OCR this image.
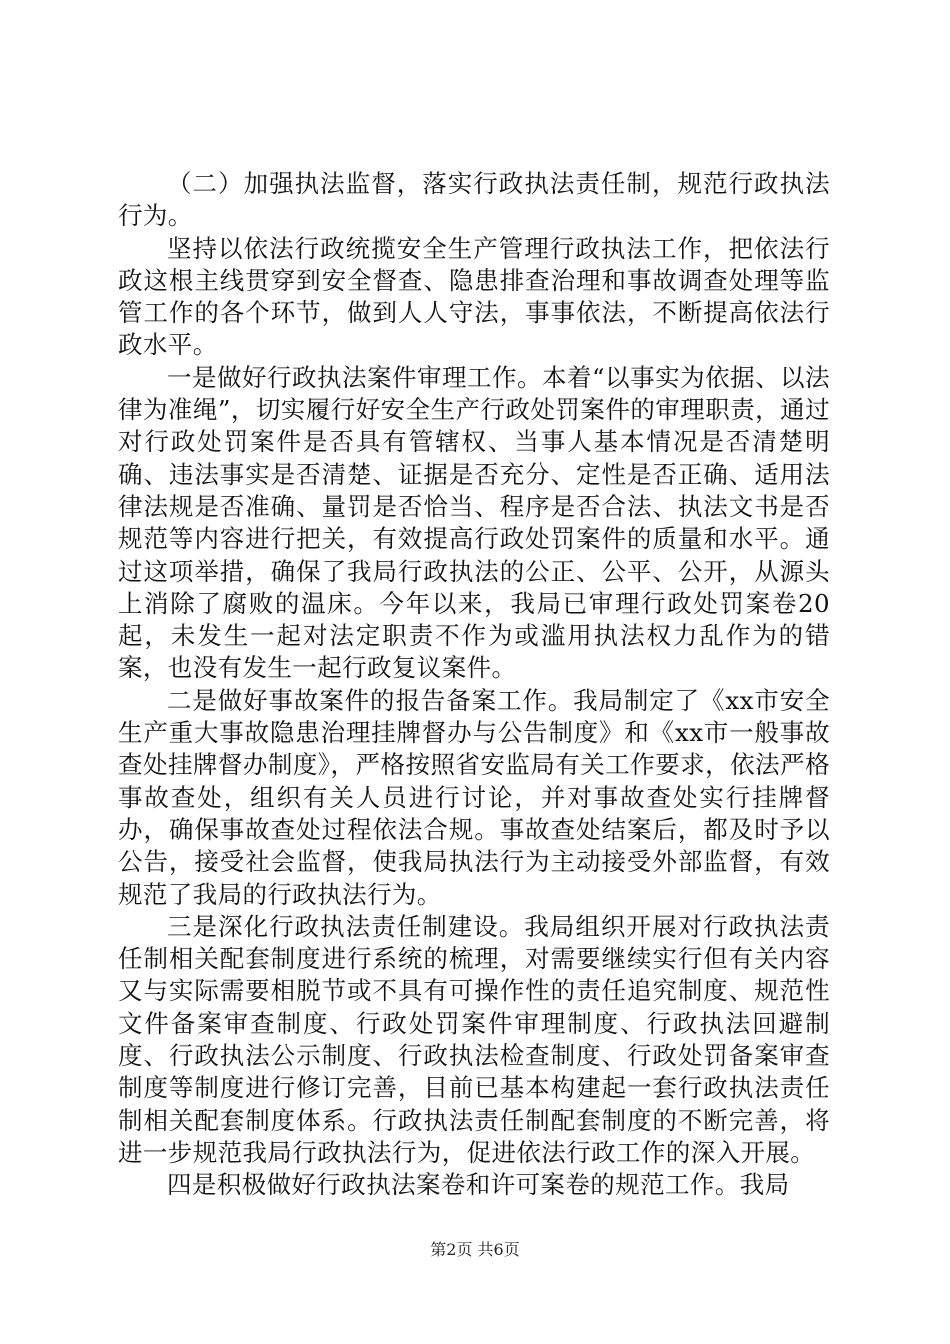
（二）加强执法监督，落实行政执法责任制，规范行政执法行为。

坚持以依法行政统揽安全生产管理行政执法工作，把依法行政这根主线贯穿到安全督查、隐患排查治理和事故调查处理等监管工作的各个环节，做到人人守法，事事依法，不断提高依法行政水平。

一是做好行政执法案件审理工作。本着“以事实为依据、以法律为准绳”，切实履行好安全生产行政处罚案件的审理职责，通过对行政处罚案件是否具有管辖权、当事人基本情况是否清楚明确、违法事实是否清楚、证据是否充分、定性是否正确、适用法律法规是否准确、量罚是否恰当、程序是否合法、执法文书是否规范等内容进行把关，有效提高行政处罚案件的质量和水平。通过这项举措，确保了我局行政执法的公正、公平、公开，从源头上消除了腐败的温床。今年以来，我局已审理行政处罚案卷20起，未发生一起对法定职责不作为或滥用执法权力乱作为的错案，也没有发生一起行政复议案件。

二是做好事故案件的报告备案工作。我局制定了《xx市安全生产重大事故隐患治理挂牌督办与公告制度》和《xx市一般事故查处挂牌督办制度》，严格按照省安监局有关工作要求，依法严格事故查处，组织有关人员进行讨论，并对事故查处实行挂牌督办，确保事故查处过程依法合规。事故查处结案后，都及时予以公告，接受社会监督，使我局执法行为主动接受外部监督，有效规范了我局的行政执法行为。

三是深化行政执法责任制建设。我局组织开展对行政执法责任制相关配套制度进行系统的梳理，对需要继续实行但有关内容又与实际需要相脱节或不具有可操作性的责任追究制度、规范性文件备案审查制度、行政处罚案件审理制度、行政执法回避制度、行政执法公示制度、行政执法检查制度、行政处罚备案审查制度等制度进行修订完善，目前已基本构建起一套行政执法责任制相关配套制度体系。行政执法责任制配套制度的不断完善，将进一步规范我局行政执法行为，促进依法行政工作的深入开展。

四是积极做好行政执法案卷和许可案卷的规范工作。我局

第2页 共6页
